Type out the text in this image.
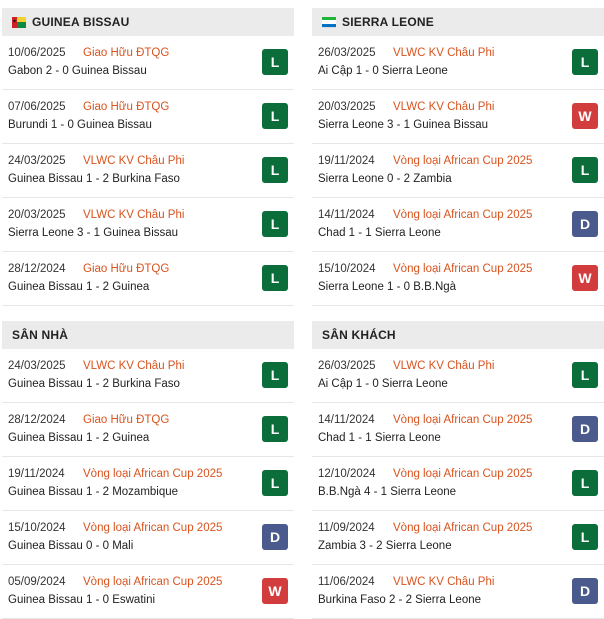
GUINEA BISSAU
10/06/2025 Giao Hữu ĐTQG
Gabon 2 - 0 Guinea Bissau
L
07/06/2025 Giao Hữu ĐTQG
Burundi 1 - 0 Guinea Bissau
L
24/03/2025 VLWC KV Châu Phi
Guinea Bissau 1 - 2 Burkina Faso
L
20/03/2025 VLWC KV Châu Phi
Sierra Leone 3 - 1 Guinea Bissau
L
28/12/2024 Giao Hữu ĐTQG
Guinea Bissau 1 - 2 Guinea
L
SÂN NHÀ
24/03/2025 VLWC KV Châu Phi
Guinea Bissau 1 - 2 Burkina Faso
L
28/12/2024 Giao Hữu ĐTQG
Guinea Bissau 1 - 2 Guinea
L
19/11/2024 Vòng loại African Cup 2025
Guinea Bissau 1 - 2 Mozambique
L
15/10/2024 Vòng loại African Cup 2025
Guinea Bissau 0 - 0 Mali
D
05/09/2024 Vòng loại African Cup 2025
Guinea Bissau 1 - 0 Eswatini
W
SIERRA LEONE
26/03/2025 VLWC KV Châu Phi
Ai Cập 1 - 0 Sierra Leone
L
20/03/2025 VLWC KV Châu Phi
Sierra Leone 3 - 1 Guinea Bissau
W
19/11/2024 Vòng loại African Cup 2025
Sierra Leone 0 - 2 Zambia
L
14/11/2024 Vòng loại African Cup 2025
Chad 1 - 1 Sierra Leone
D
15/10/2024 Vòng loại African Cup 2025
Sierra Leone 1 - 0 B.B.Ngà
W
SÂN KHÁCH
26/03/2025 VLWC KV Châu Phi
Ai Cập 1 - 0 Sierra Leone
L
14/11/2024 Vòng loại African Cup 2025
Chad 1 - 1 Sierra Leone
D
12/10/2024 Vòng loại African Cup 2025
B.B.Ngà 4 - 1 Sierra Leone
L
11/09/2024 Vòng loại African Cup 2025
Zambia 3 - 2 Sierra Leone
L
11/06/2024 VLWC KV Châu Phi
Burkina Faso 2 - 2 Sierra Leone
D
